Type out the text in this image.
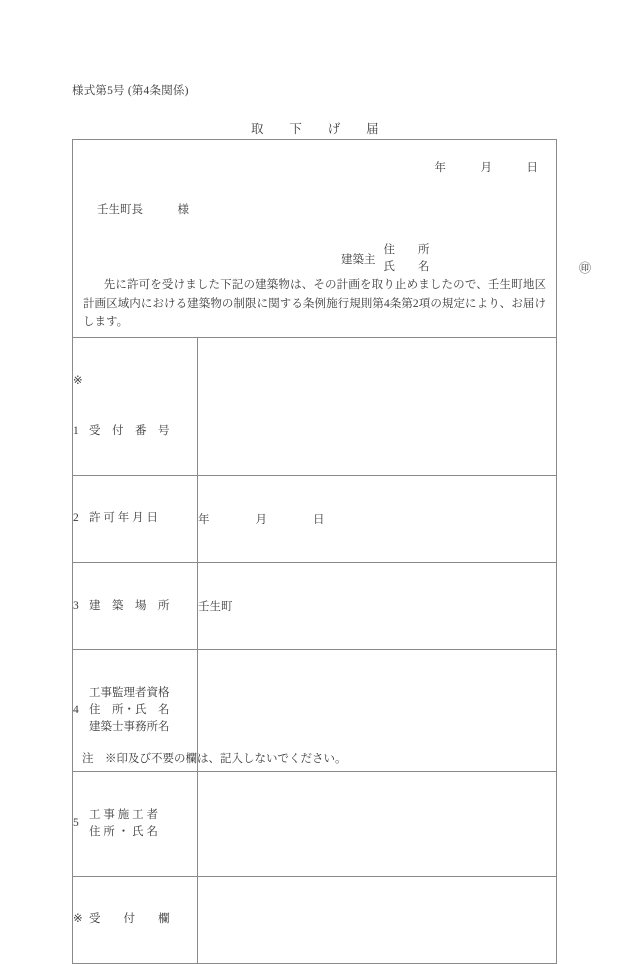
様式第5号 (第4条関係)
取　　下　　げ　　届
年　　　月　　　日
壬生町長　　　様
建築主
住　　所
氏　　名	㊞

先に許可を受けました下記の建築物は、その計画を取り止めましたので、壬生町地区計画区域内における建築物の制限に関する条例施行規則第4条第2項の規定により、お届けします。

※

1 受　付　番　号	

2 許 可 年 月 日	年　　　　月　　　　日

3 建　築　場　所	壬生町

4
工事監理者資格
住　所・氏　名
建築士事務所名	

5
工 事 施 工 者
住 所 ・ 氏 名	

※ 受　　付　　欄	

注　※印及び不要の欄は、記入しないでください。
